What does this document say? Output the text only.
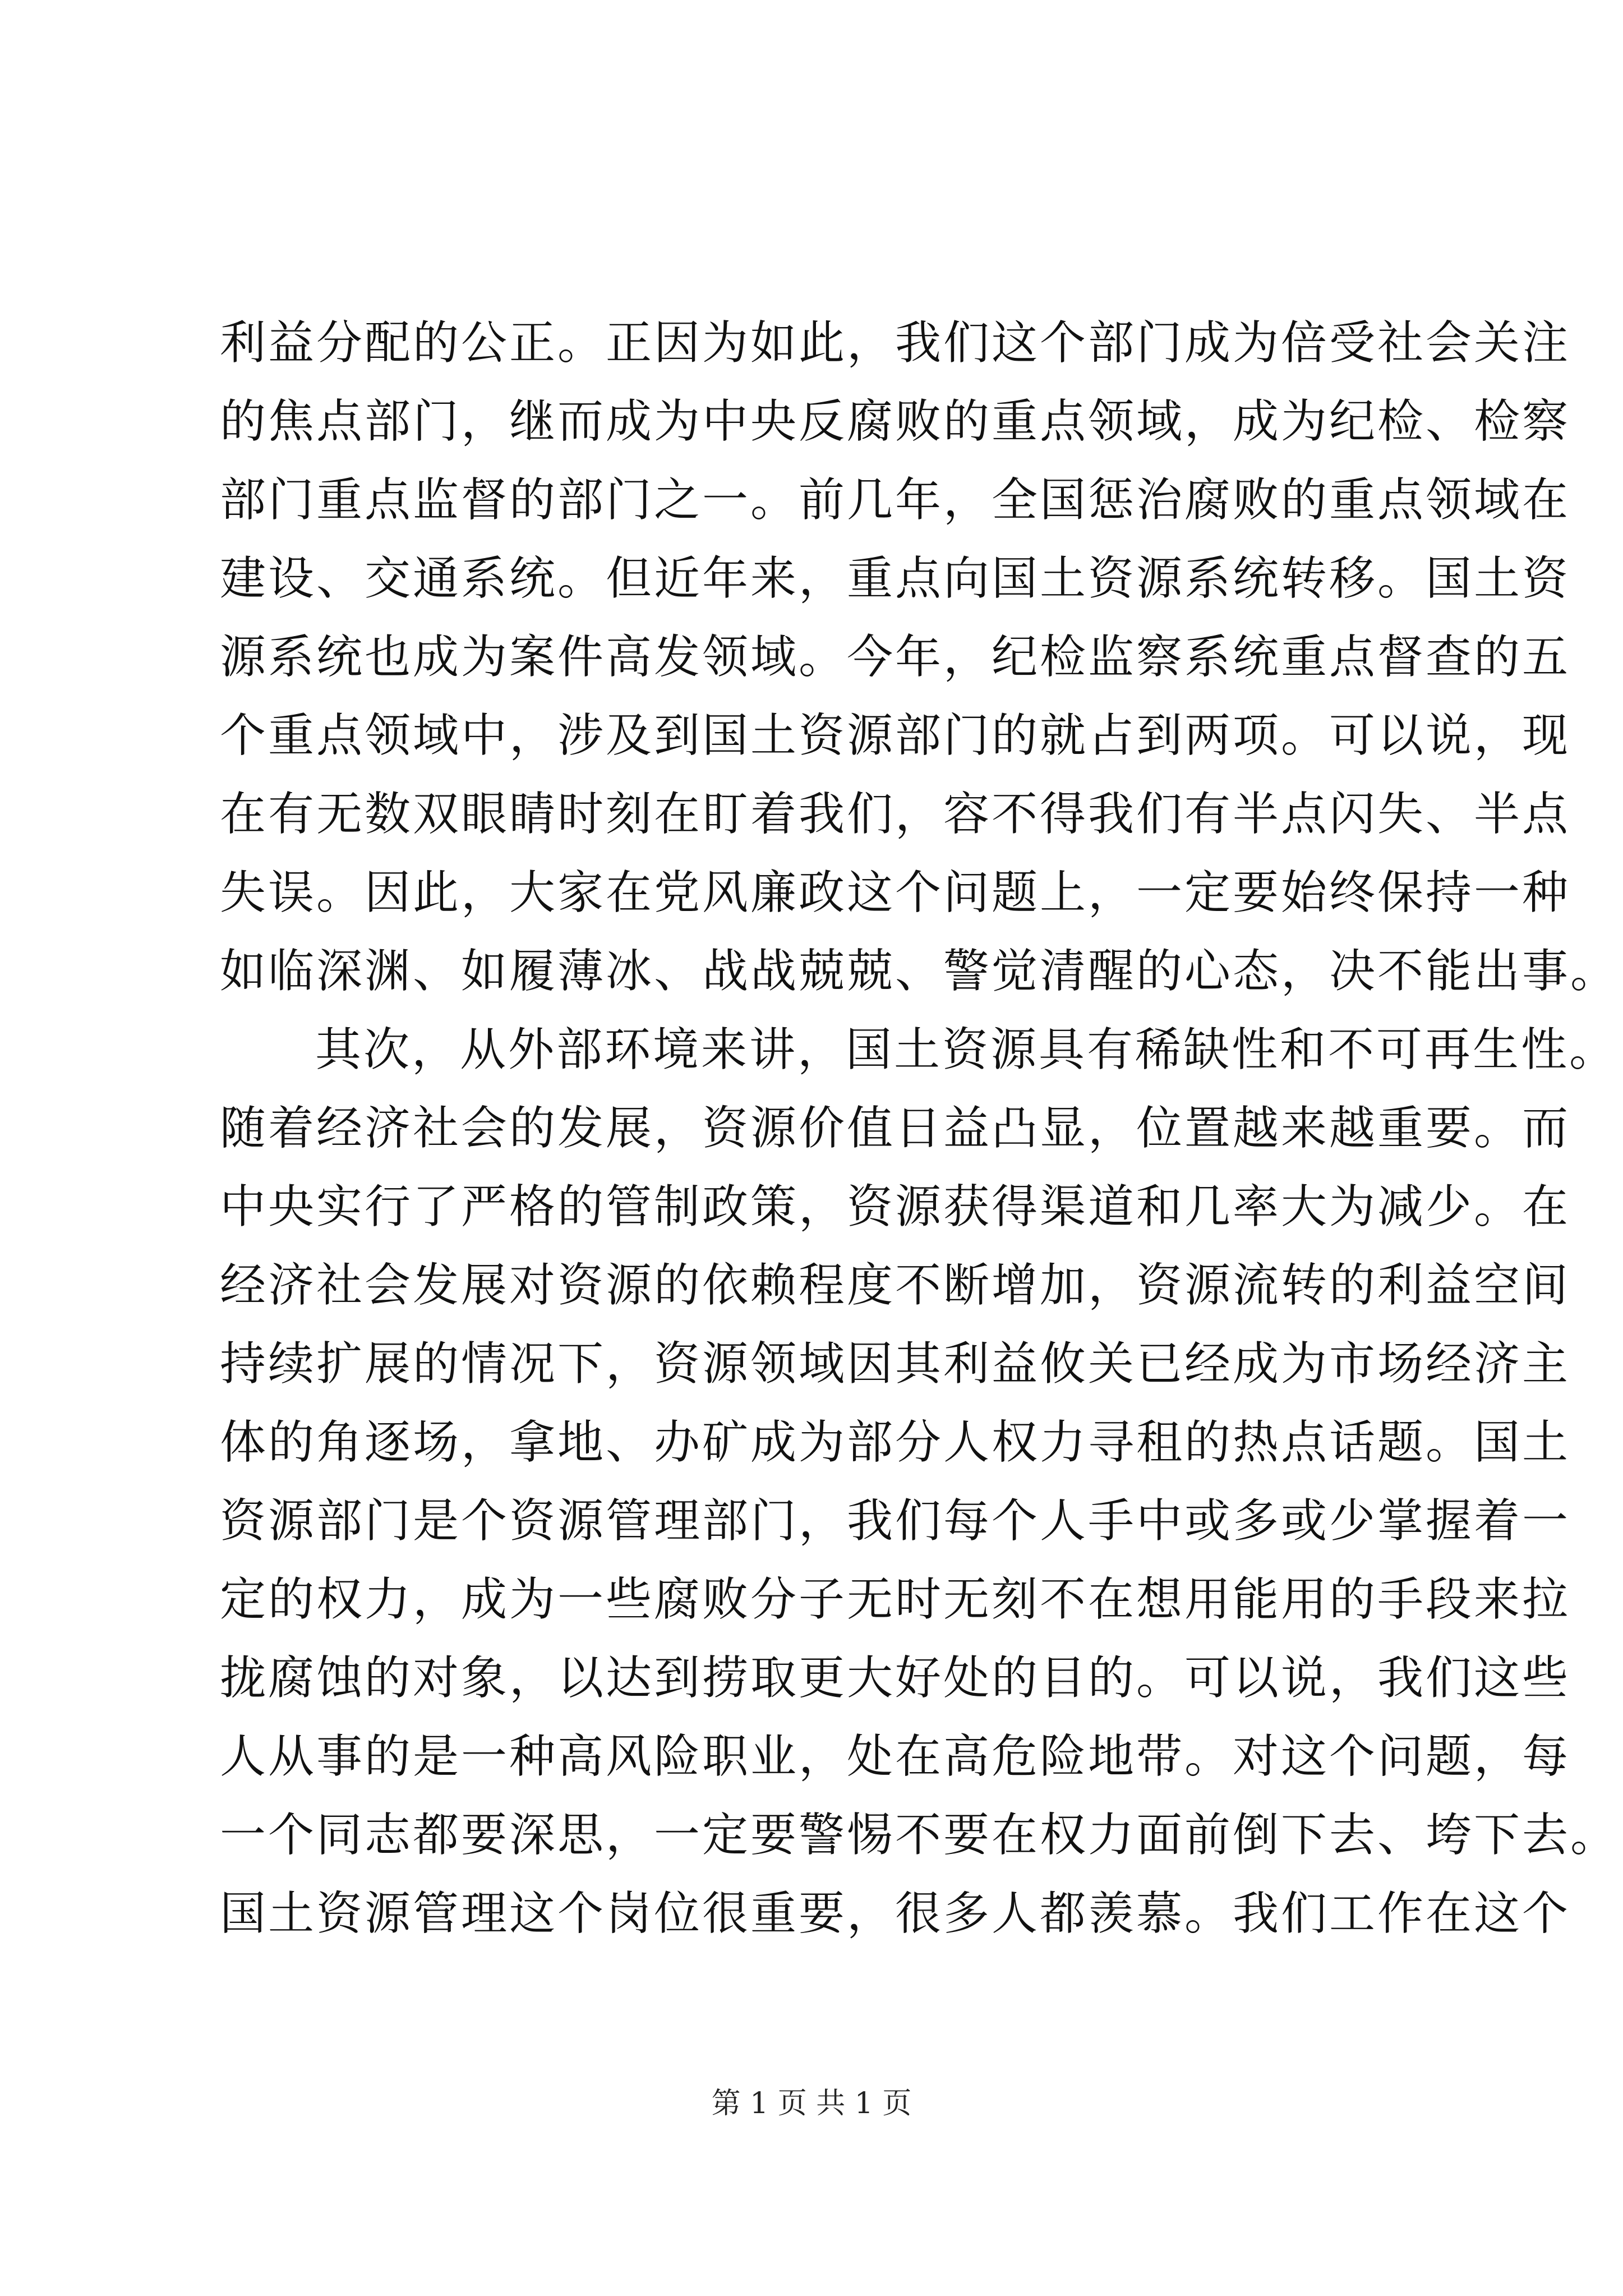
利益分配的公正。正因为如此，我们这个部门成为倍受社会关注
的焦点部门，继而成为中央反腐败的重点领域，成为纪检、检察
部门重点监督的部门之一。前几年，全国惩治腐败的重点领域在
建设、交通系统。但近年来，重点向国土资源系统转移。国土资
源系统也成为案件高发领域。今年，纪检监察系统重点督查的五
个重点领域中，涉及到国土资源部门的就占到两项。可以说，现
在有无数双眼睛时刻在盯着我们，容不得我们有半点闪失、半点
失误。因此，大家在党风廉政这个问题上，一定要始终保持一种
如临深渊、如履薄冰、战战兢兢、警觉清醒的心态，决不能出事。
其次，从外部环境来讲，国土资源具有稀缺性和不可再生性。
随着经济社会的发展，资源价值日益凸显，位置越来越重要。而
中央实行了严格的管制政策，资源获得渠道和几率大为减少。在
经济社会发展对资源的依赖程度不断增加，资源流转的利益空间
持续扩展的情况下，资源领域因其利益攸关已经成为市场经济主
体的角逐场，拿地、办矿成为部分人权力寻租的热点话题。国土
资源部门是个资源管理部门，我们每个人手中或多或少掌握着一
定的权力，成为一些腐败分子无时无刻不在想用能用的手段来拉
拢腐蚀的对象，以达到捞取更大好处的目的。可以说，我们这些
人从事的是一种高风险职业，处在高危险地带。对这个问题，每
一个同志都要深思，一定要警惕不要在权力面前倒下去、垮下去。
国土资源管理这个岗位很重要，很多人都羡慕。我们工作在这个
第 1 页 共 1 页
